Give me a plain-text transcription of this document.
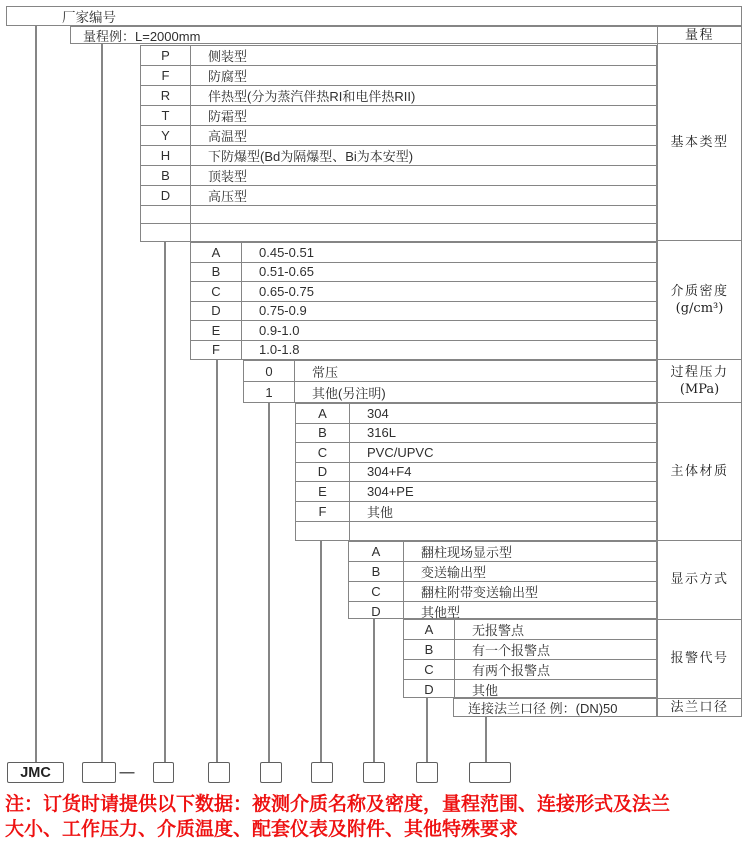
厂家编号
量程例：L=2000mm	量程
基本类型
介质密度
(g/cm³)
过程压力
(MPa)
主体材质
显示方式
报警代号
法兰口径
P	侧装型
F	防腐型
R	伴热型(分为蒸汽伴热RI和电伴热RII)
T	防霜型
Y	高温型
H	下防爆型(Bd为隔爆型、Bi为本安型)
B	顶装型
D	高压型
A	0.45-0.51
B	0.51-0.65
C	0.65-0.75
D	0.75-0.9
E	0.9-1.0
F	1.0-1.8
0	常压
1	其他(另注明)
A	304
B	316L
C	PVC/UPVC
D	304+F4
E	304+PE
F	其他
A	翻柱现场显示型
B	变送输出型
C	翻柱附带变送输出型
D	其他型
A	无报警点
B	有一个报警点
C	有两个报警点
D	其他
连接法兰口径 例：(DN)50
JMC	—
注：订货时请提供以下数据：被测介质名称及密度，量程范围、连接形式及法兰
大小、工作压力、介质温度、配套仪表及附件、其他特殊要求
